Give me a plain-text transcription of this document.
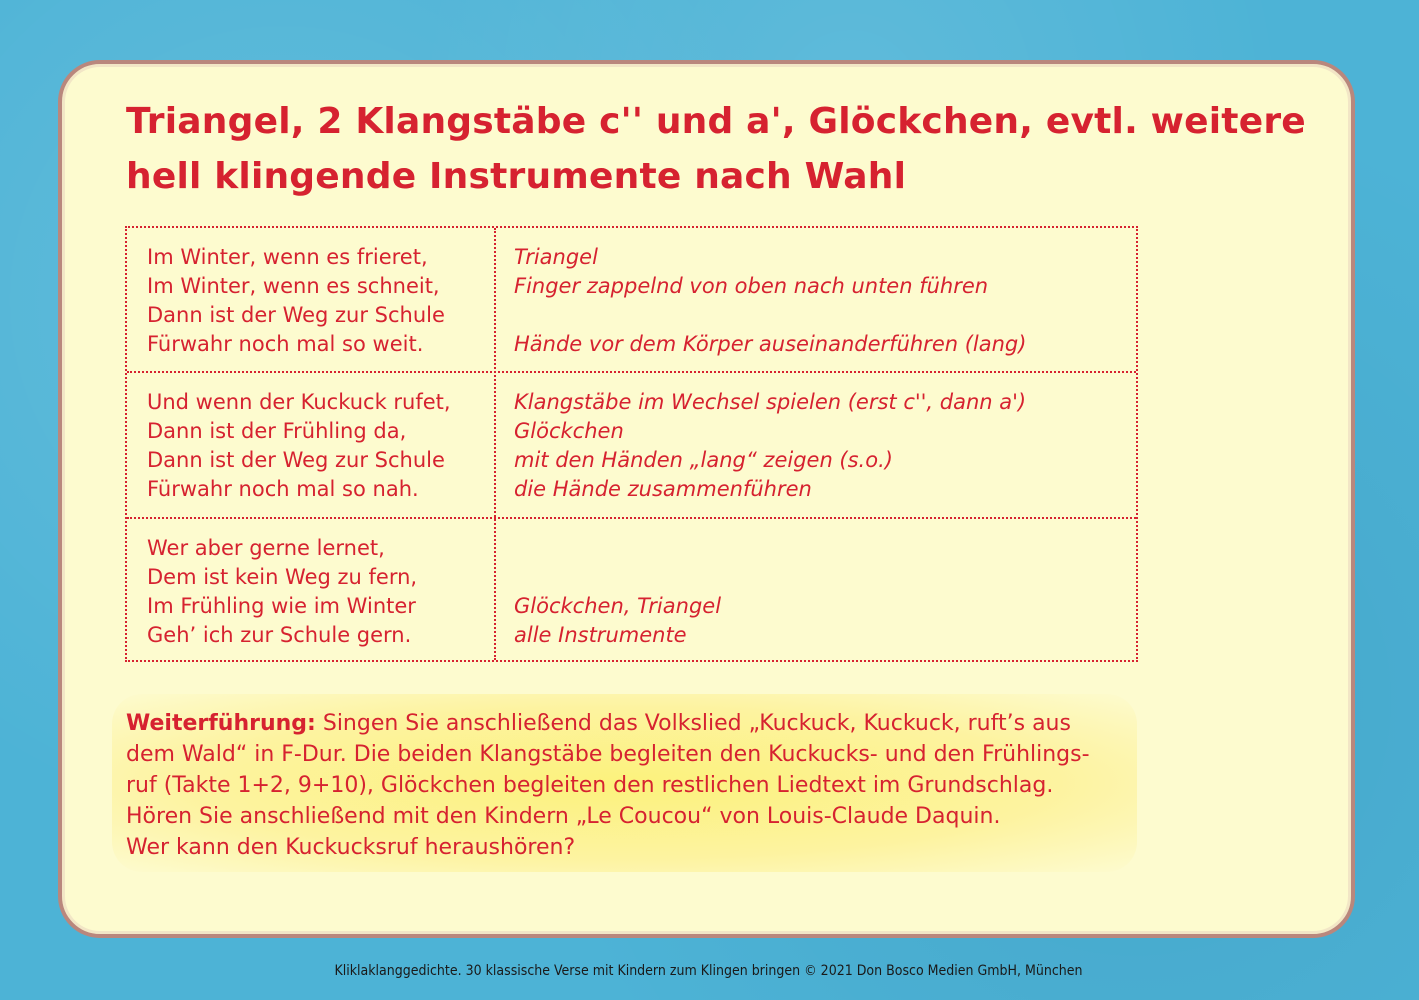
Triangel, 2 Klangstäbe c'' und a', Glöckchen, evtl. weitere
hell klingende Instrumente nach Wahl
Im Winter, wenn es frieret,
Im Winter, wenn es schneit,
Dann ist der Weg zur Schule
Fürwahr noch mal so weit.
Triangel
Finger zappelnd von oben nach unten führen
Hände vor dem Körper auseinanderführen (lang)
Und wenn der Kuckuck rufet,
Dann ist der Frühling da,
Dann ist der Weg zur Schule
Fürwahr noch mal so nah.
Klangstäbe im Wechsel spielen (erst c'', dann a')
Glöckchen
mit den Händen „lang“ zeigen (s.o.)
die Hände zusammenführen
Wer aber gerne lernet,
Dem ist kein Weg zu fern,
Im Frühling wie im Winter
Geh’ ich zur Schule gern.
Glöckchen, Triangel
alle Instrumente

Weiterführung: Singen Sie anschließend das Volkslied „Kuckuck, Kuckuck, ruft’s aus
dem Wald“ in F-Dur. Die beiden Klangstäbe begleiten den Kuckucks- und den Frühlings-
ruf (Takte 1+2, 9+10), Glöckchen begleiten den restlichen Liedtext im Grundschlag.
Hören Sie anschließend mit den Kindern „Le Coucou“ von Louis-Claude Daquin.
Wer kann den Kuckucksruf heraushören?

Kliklaklanggedichte. 30 klassische Verse mit Kindern zum Klingen bringen © 2021 Don Bosco Medien GmbH, München
